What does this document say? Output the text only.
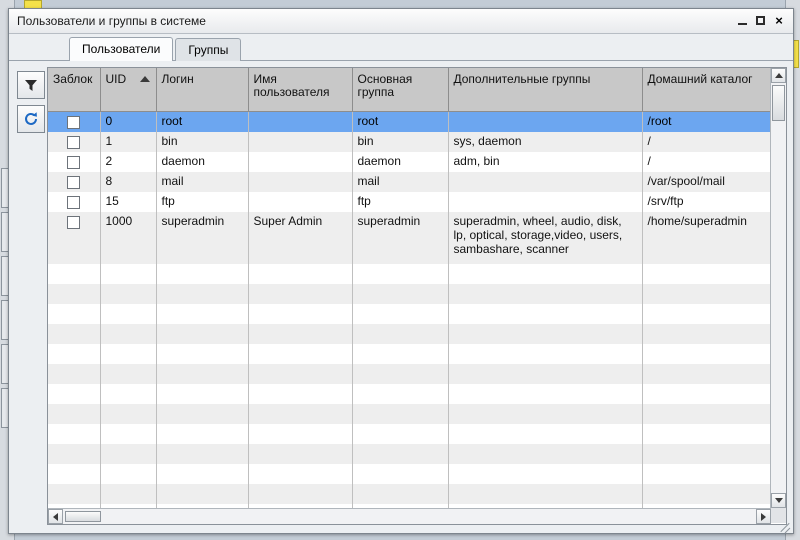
Пользователи и группы в системе	×
Пользователи	Группы
Заблок	UID	Логин	Имя пользователя	Основная группа	Дополнительные группы	Домашний каталог
	0	root		root		/root
	1	bin		bin	sys, daemon	/
	2	daemon		daemon	adm, bin	/
	8	mail		mail		/var/spool/mail
	15	ftp		ftp		/srv/ftp
	1000	superadmin	Super Admin	superadmin	superadmin, wheel, audio, disk, lp, optical, storage,video, users, sambashare, scanner	/home/superadmin
